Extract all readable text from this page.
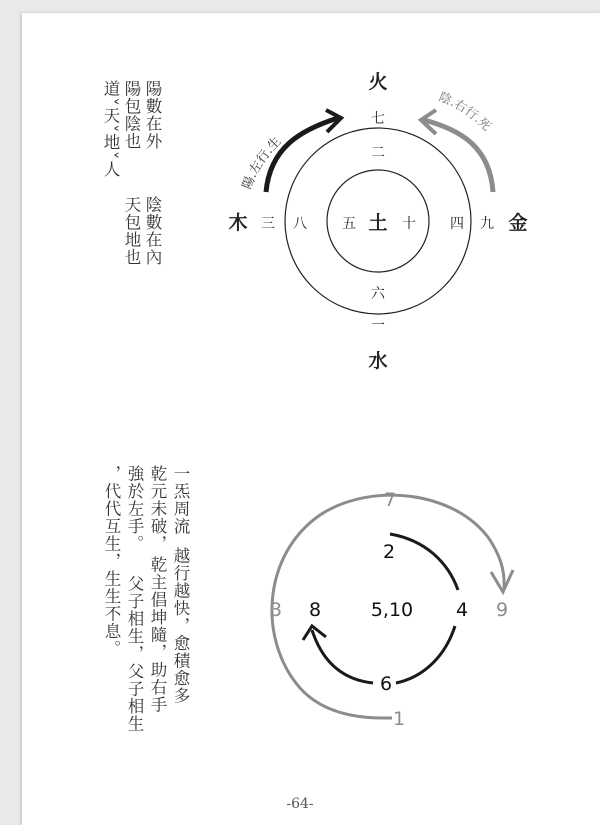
陽數在外
陽包陰也
道˅天˅地˅人
陰數在內
天包地也
一炁周流
越行越快，愈積愈多
乾元未破，
乾主倡坤隨，助右手
強於左手。
父子相生，父子相生
，代代互生，生生不息。
陽.左行.生
陰.右行.死
火
七
二
六
一
水
木 三 八	五 土 十 四 九 金
7
2
3 8	5,10 4 9
6
1
-64-
